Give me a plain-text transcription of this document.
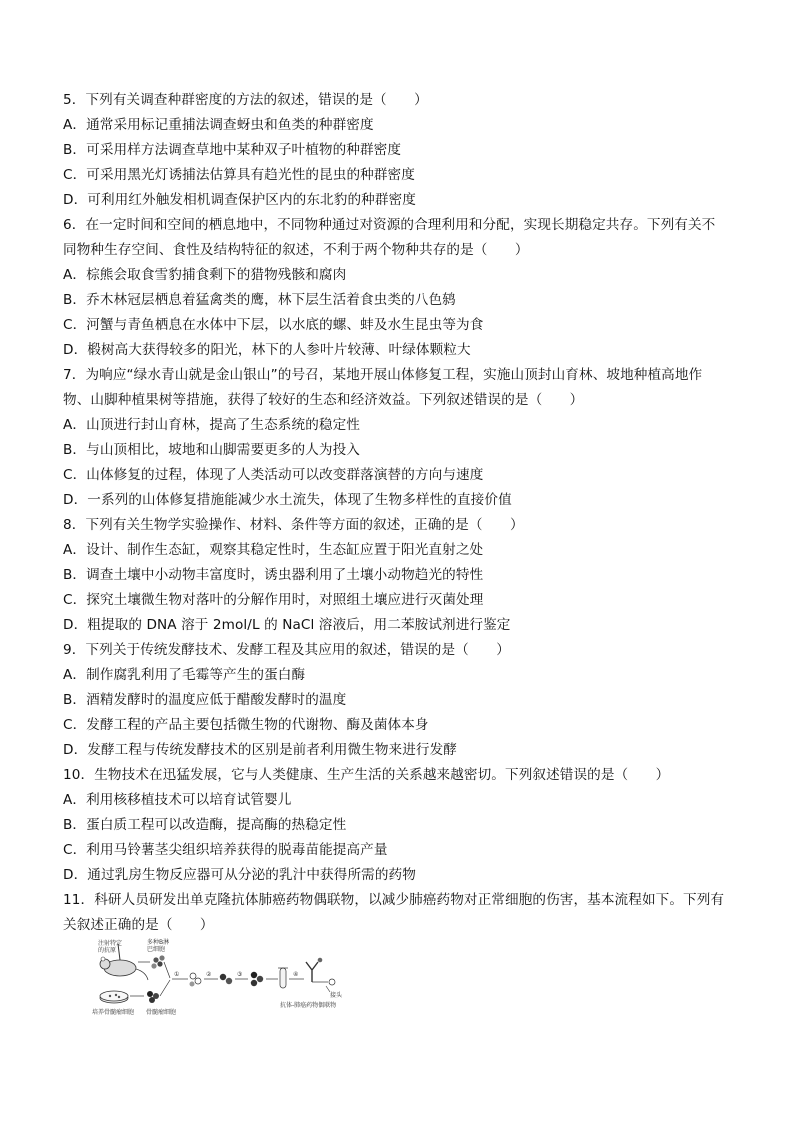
5．下列有关调查种群密度的方法的叙述，错误的是（　　）
A．通常采用标记重捕法调查蚜虫和鱼类的种群密度
B．可采用样方法调查草地中某种双子叶植物的种群密度
C．可采用黑光灯诱捕法估算具有趋光性的昆虫的种群密度
D．可利用红外触发相机调查保护区内的东北豹的种群密度
6．在一定时间和空间的栖息地中，不同物种通过对资源的合理利用和分配，实现长期稳定共存。下列有关不
同物种生存空间、食性及结构特征的叙述，不利于两个物种共存的是（　　）
A．棕熊会取食雪豹捕食剩下的猎物残骸和腐肉
B．乔木林冠层栖息着猛禽类的鹰，林下层生活着食虫类的八色鸫
C．河蟹与青鱼栖息在水体中下层，以水底的螺、蚌及水生昆虫等为食
D．椴树高大获得较多的阳光，林下的人参叶片较薄、叶绿体颗粒大
7．为响应“绿水青山就是金山银山”的号召，某地开展山体修复工程，实施山顶封山育林、坡地种植高地作
物、山脚种植果树等措施，获得了较好的生态和经济效益。下列叙述错误的是（　　）
A．山顶进行封山育林，提高了生态系统的稳定性
B．与山顶相比，坡地和山脚需要更多的人为投入
C．山体修复的过程，体现了人类活动可以改变群落演替的方向与速度
D．一系列的山体修复措施能减少水土流失，体现了生物多样性的直接价值
8．下列有关生物学实验操作、材料、条件等方面的叙述，正确的是（　　）
A．设计、制作生态缸，观察其稳定性时，生态缸应置于阳光直射之处
B．调查土壤中小动物丰富度时，诱虫器利用了土壤小动物趋光的特性
C．探究土壤微生物对落叶的分解作用时，对照组土壤应进行灭菌处理
D．粗提取的 DNA 溶于 2mol/L 的 NaCl 溶液后，用二苯胺试剂进行鉴定
9．下列关于传统发酵技术、发酵工程及其应用的叙述，错误的是（　　）
A．制作腐乳利用了毛霉等产生的蛋白酶
B．酒精发酵时的温度应低于醋酸发酵时的温度
C．发酵工程的产品主要包括微生物的代谢物、酶及菌体本身
D．发酵工程与传统发酵技术的区别是前者利用微生物来进行发酵
10．生物技术在迅猛发展，它与人类健康、生产生活的关系越来越密切。下列叙述错误的是（　　）
A．利用核移植技术可以培育试管婴儿
B．蛋白质工程可以改造酶，提高酶的热稳定性
C．利用马铃薯茎尖组织培养获得的脱毒苗能提高产量
D．通过乳房生物反应器可从分泌的乳汁中获得所需的药物
11．科研人员研发出单克隆抗体肺癌药物偶联物，以减少肺癌药物对正常细胞的伤害，基本流程如下。下列有
关叙述正确的是（　　）
注射特定
的抗原
多种B淋
巴细胞
培养骨髓瘤细胞 骨髓瘤细胞
①	②	③	④
接头
抗体-肺癌药物偶联物
